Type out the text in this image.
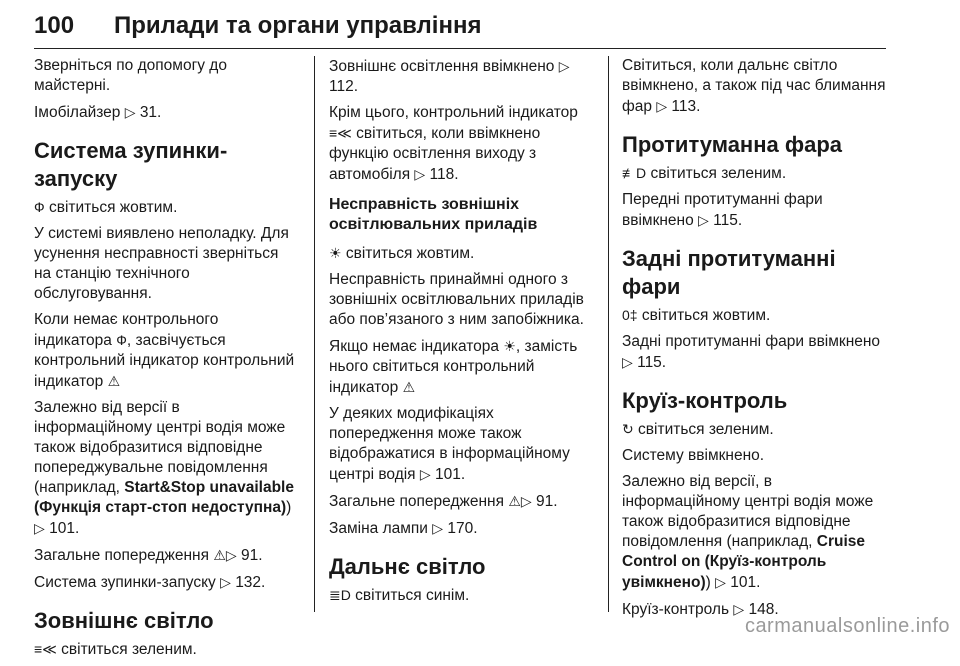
100 Прилади та органи управління

Зверніться по допомогу до майстерні.

Імобілайзер ▷ 31.

Система зупинки-запуску

Ф світиться жовтим.

У системі виявлено неполадку. Для усунення несправності зверніться на станцію технічного обслуговування.

Коли немає контрольного індикатора Ф, засвічується контрольний індикатор контрольний індикатор ⚠

Залежно від версії в інформаційному центрі водія може також відобразитися відповідне попереджувальне повідомлення (наприклад, Start&Stop unavailable (Функція старт-стоп недоступна)) ▷ 101.

Загальне попередження ⚠▷ 91.

Система зупинки-запуску ▷ 132.

Зовнішнє світло

≡≪ світиться зеленим.

Зовнішнє освітлення ввімкнено ▷ 112.

Крім цього, контрольний індикатор ≡≪ світиться, коли ввімкнено функцію освітлення виходу з автомобіля ▷ 118.

Несправність зовнішніх освітлювальних приладів

☀ світиться жовтим.

Несправність принаймні одного з зовнішніх освітлювальних приладів або пов’язаного з ним запобіжника.

Якщо немає індикатора ☀, замість нього світиться контрольний індикатор ⚠

У деяких модифікаціях попередження може також відображатися в інформаційному центрі водія ▷ 101.

Загальне попередження ⚠▷ 91.

Заміна лампи ▷ 170.

Дальнє світло

≣D світиться синім.

Світиться, коли дальнє світло ввімкнено, а також під час блимання фар ▷ 113.

Протитуманна фара

≢D світиться зеленим.

Передні протитуманні фари ввімкнено ▷ 115.

Задні протитуманні фари

0‡ світиться жовтим.

Задні протитуманні фари ввімкнено ▷ 115.

Круїз-контроль

↻ світиться зеленим.

Систему ввімкнено.

Залежно від версії, в інформаційному центрі водія може також відобразитися відповідне повідомлення (наприклад, Cruise Control on (Круїз-контроль увімкнено)) ▷ 101.

Круїз-контроль ▷ 148.

carmanualsonline.info
